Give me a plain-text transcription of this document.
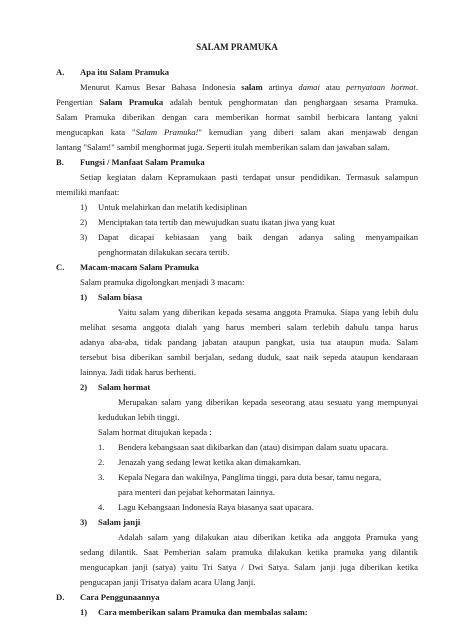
SALAM PRAMUKA
A. Apa itu Salam Pramuka
Menurut Kamus Besar Bahasa Indonesia salam artinya damai atau pernyataan hormat.
Pengertian Salam Pramuka adalah bentuk penghormatan dan penghargaan sesama Pramuka.
Salam Pramuka diberikan dengan cara memberikan hormat sambil berbicara lantang yakni
mengucapkan kata "Salam Pramuka!" kemudian yang diberi salam akan menjawab dengan
lantang "Salam!" sambil menghormat juga. Seperti itulah memberikan salam dan jawaban salam.
B. Fungsi / Manfaat Salam Pramuka
Setiap kegiatan dalam Kepramukaan pasti terdapat unsur pendidikan. Termasuk salampun
memiliki manfaat:
1) Untuk melahirkan dan melatih kedisiplinan
2) Menciptakan tata tertib dan mewujudkan suatu ikatan jiwa yang kuat
3) Dapat dicapai kebiasaan yang baik dengan adanya saling menyampaikan
penghormatan dilakukan secara tertib.
C. Macam-macam Salam Pramuka
Salam pramuka digolongkan menjadi 3 macam:
1) Salam biasa
Yaitu salam yang diberikan kepada sesama anggota Pramuka. Siapa yang lebih dulu
melihat sesama anggota dialah yang harus memberi salam terlebih dahulu tanpa harus
adanya aba-aba, tidak pandang jabatan ataupun pangkat, usia tua ataupun muda. Salam
tersebut bisa diberikan sambil berjalan, sedang duduk, saat naik sepeda ataupun kendaraan
lainnya. Jadi tidak harus berhenti.
2) Salam hormat
Merupakan salam yang diberikan kepada seseorang atau sesuatu yang mempunyai
kedudukan lebih tinggi.
Salam hormat ditujukan kepada :
1. Bendera kebangsaan saat dikibarkan dan (atau) disimpan dalam suatu upacara.
2. Jenazah yang sedang lewat ketika akan dimakamkan.
3. Kepala Negara dan wakilnya, Panglima tinggi, para duta besar, tamu negara,
para menteri dan pejabat kehormatan lainnya.
4. Lagu Kebangsaan Indonesia Raya biasanya saat upacara.
3) Salam janji
Adalah salam yang dilakukan atau diberikan ketika ada anggota Pramuka yang
sedang dilantik. Saat Pemberian salam pramuka dilakukan ketika pramuka yang dilantik
mengucapkan janji (satya) yaitu Tri Satya / Dwi Satya. Salam janji juga diberikan ketika
pengucapan janji Trisatya dalam acara Ulang Janji.
D. Cara Penggunaannya
1) Cara memberikan salam Pramuka dan membalas salam:
